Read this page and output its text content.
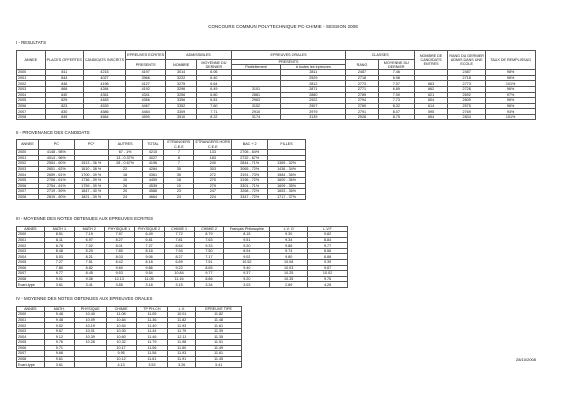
CONCOURS COMMUN POLYTECHNIQUE PC-CHIMIE - SESSION 2008
I - RESULTATS
ANNEE	PLACES OFFERTES	CANDIDATS INSCRITS	EPREUVES ECRITES	ADMISSIBLES		EPREUVES ORALES		CLASSES		NOMBRE DE CANDIDATS ENTRES	RANG DU DERNIER ADMIS DANS UNE ECOLE	TAUX DE REMPLISSAG
			PRESENTS	NOMBRE	MOYENNE DU DERNIER	PRESENTS		RANG	MOYENNE DU DERNIER			
						Partiellement	à toutes les épreuves					
2000	811	4215	4197	3014	6.06		2811	2487	7.46		2487	98%
2001	844	4027	3966	3222	6.40		2929	2718	6.98		2718	96%
2002	846	4196	4127	3275	6.64		2812	2773	7.07	663	2773	101%
2003	868	4284	4192	3296	6.49	3101	2871	2771	6.89	662	2728	96%
2004	840	4361	4341	3256	6.80	2881	2880	2789	7.00	621	2692	97%
2005	829	4483	4366	3396	6.81	2963	2922	2794	7.73	604	2609	96%
2006	823	4539	4467	3352	7.60	3152	2907	2760	8.32	614	2575	96%
2007	830	4586	4484	3309	7.71	2910	2979	2791	8.07	595	2769	93%
2008	849	4664	4590	3510	8.22	3174	3139	2928	8.75	654	2834	101%
II - PROVENANCE DES CANDIDATS
ANNEE	PC	PC*	AUTRES	TOTAL	ETRANGERS C.E.E	ETRANGERS HORS C.E.E	BAC + 2	FILLES
2000	4148 - 98%		67 - 1%	4215	7	133	2706 - 64%	
2001	4014 - 96%		13 - 0.37%	4027	8	183	2732 - 67%	
2002	2554 - 60%	1513 - 36 %	28 - 0.67%	4196	7	240	2844 - 71%	1369 - 32%
2003	2651 - 62%	1610 - 38 %	22	4284	30	303	3065 - 72%	1436 - 34%
2004	2659 - 61%	1700 - 39 %	18	4361	35	272	3191 - 73%	1584 - 36%
2005	2708 - 61%	1736 - 39 %	10	4459	18	275	3196 - 72%	1600 - 36%
2006	2754 - 61%	1759 - 39 %	26	4539	10	279	3301 - 71%	1609 - 35%
2007	2719 - 59%	1847 - 40 %	20	4586	23	247	3268 - 72%	1653 - 36%
2008	2819 - 60%	1821 - 39 %	24	4664	24	224	3347 - 72%	1717 - 37%
III - MOYENNE DES NOTES OBTENUES AUX EPREUVES ECRITES
ANNEE	MATH 1	MATH 2	PHYSIQUE 1	PHYSIQUE 2	CHIMIE 1	CHIMIE 2	Français Philosophie	L.V. O	L.V.F
2000	8.51	7.19	7.97	6.49	7.72	8.79	8.15	9.30	9.82
2001	8.11	6.97	8.27	6.81	7.81	7.63	9.51	9.34	8.84
2002	8.78	7.02	8.01	7.27	8.64	9.33	9.20	9.86	9.77
2003	8.48	5.29	7.80	8.18	7.94	7.50	8.94	9.74	8.56
2004	5.53	8.21	8.03	9.06	8.27	7.17	9.02	9.80	8.88
2005	7.27	7.51	8.42	8.18	6.89	7.51	10.52	10.08	9.39
2006	7.80	8.82	9.60	9.86	9.22	8.65	9.40	10.03	9.87
2007	9.77	8.45	9.53	9.54	10.84	9.77	9.37	10.25	10.02
2008	9.01	9.36	12.13	11.05	11.16	8.86	9.20	10.35	9.76
Ecart-type	3.61	3.41	3.85	3.18	3.15	3.34	3.03	2.89	4.26
IV - MOYENNE DES NOTES OBTENUES AUX EPREUVES ORALES
ANNEE	MATH.	PHYSIQUE	CHIMIE	TP PH-CH	L.V.	EPREUVE TIPE
2000	9.48	10.40	11.08	11.05	10.01	11.82
2001	9.48	10.09	10.84	11.36	11.82	11.48
2002	9.52	10.19	10.54	11.40	11.93	11.61
2003	9.67	10.01	10.30	11.44	11.79	11.39
2004	9.12	10.39	10.60	11.46	12.11	11.35
2005	9.76	10.28	10.32	11.79	11.98	11.51
2006	9.71		10.17	11.06	11.60	11.49
2007	9.68		9.95	11.58	11.93	11.61
2008	9.61		10.12	11.61	11.91	11.45
Ecart-type	3.61		4.13	3.53	3.26	3.41
28/10/2008
